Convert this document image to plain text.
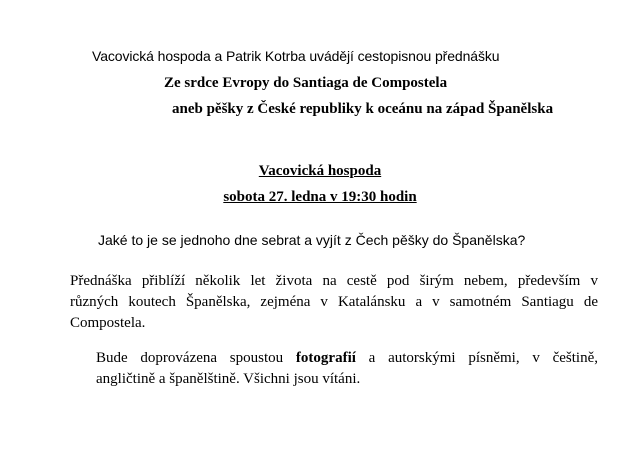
Vacovická hospoda a Patrik Kotrba uvádějí cestopisnou přednášku

Ze srdce Evropy do Santiaga de Compostela

aneb pěšky z České republiky k oceánu na západ Španělska

Vacovická hospoda

sobota 27. ledna v 19:30 hodin

Jaké to je se jednoho dne sebrat a vyjít z Čech pěšky do Španělska?

Přednáška přiblíží několik let života na cestě pod širým nebem, především v
různých koutech Španělska, zejména v Katalánsku a v samotném Santiagu de
Compostela.
Bude doprovázena spoustou fotografií a autorskými písněmi, v češtině,
angličtině a španělštině. Všichni jsou vítáni.
